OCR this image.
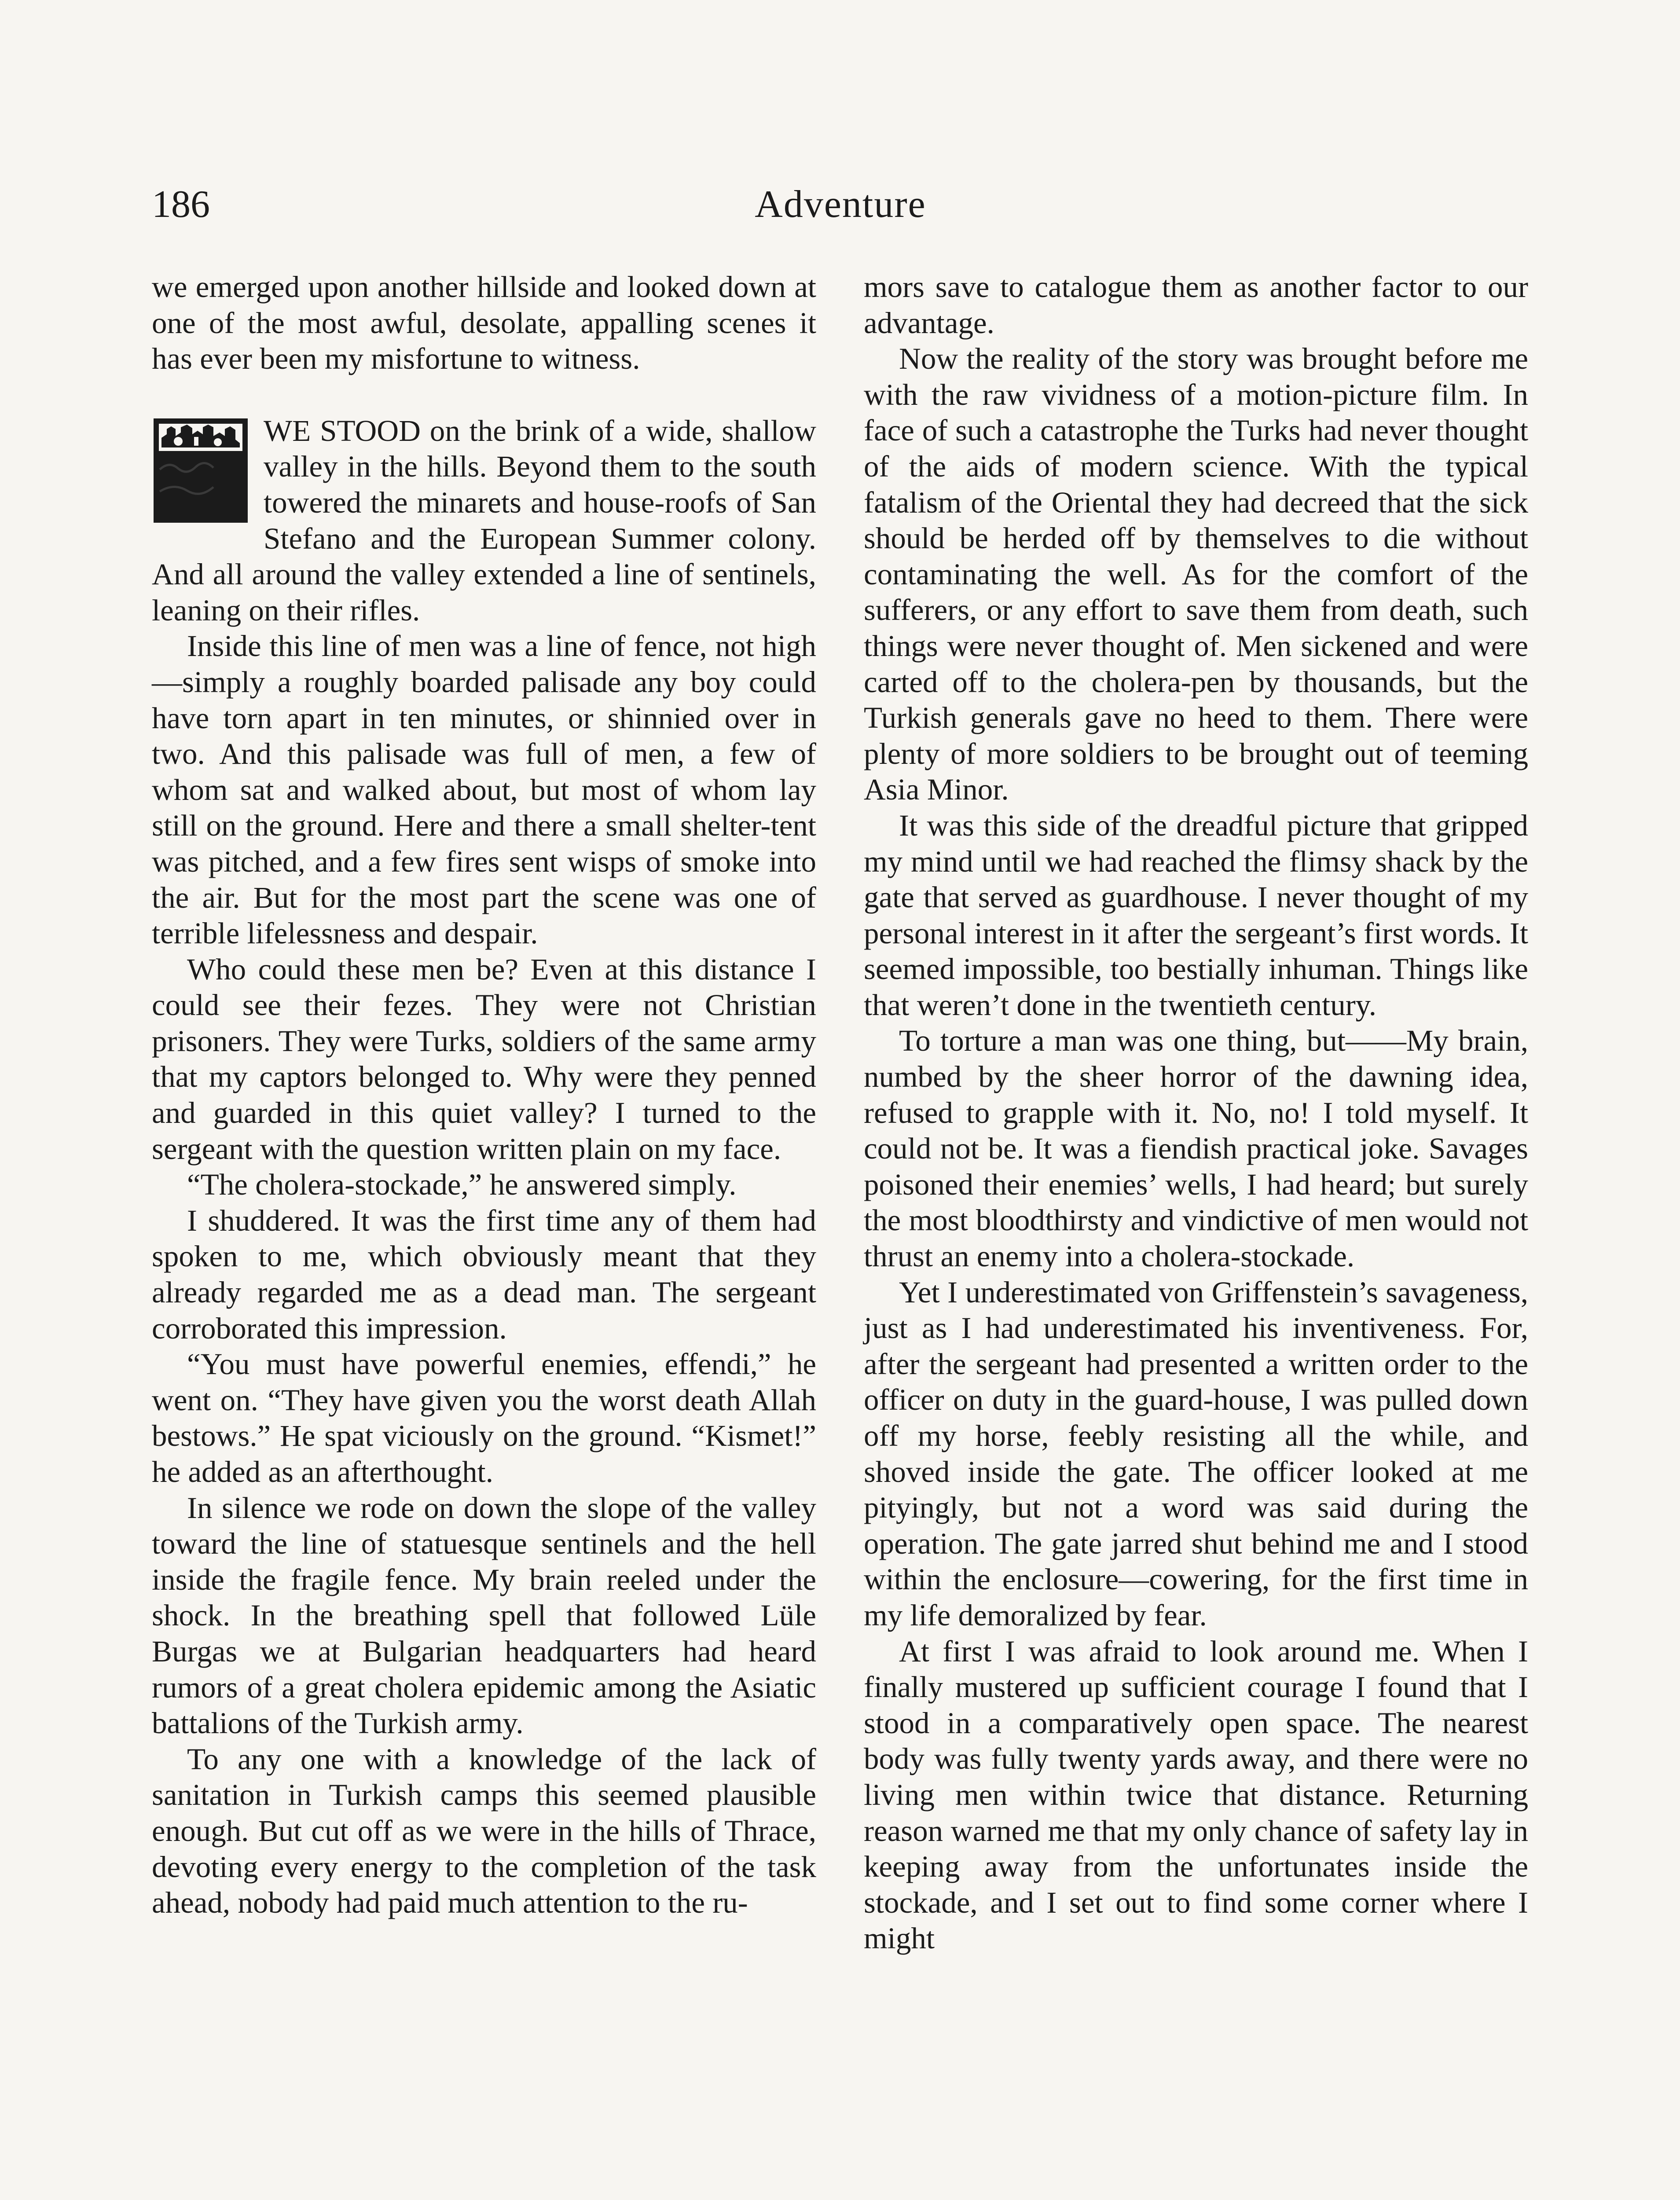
186	Adventure

we emerged upon another hillside and looked down at one of the most awful, desolate, appalling scenes it has ever been my misfortune to witness.

WE STOOD on the brink of a wide, shallow valley in the hills. Beyond them to the south towered the minarets and house-roofs of San Stefano and the European Summer colony. And all around the valley extended a line of sentinels, leaning on their rifles.

Inside this line of men was a line of fence, not high—simply a roughly boarded palisade any boy could have torn apart in ten minutes, or shinnied over in two. And this palisade was full of men, a few of whom sat and walked about, but most of whom lay still on the ground. Here and there a small shelter-tent was pitched, and a few fires sent wisps of smoke into the air. But for the most part the scene was one of terrible lifelessness and despair.

Who could these men be? Even at this distance I could see their fezes. They were not Christian prisoners. They were Turks, soldiers of the same army that my captors belonged to. Why were they penned and guarded in this quiet valley? I turned to the sergeant with the question written plain on my face.

“The cholera-stockade,” he answered simply.

I shuddered. It was the first time any of them had spoken to me, which obviously meant that they already regarded me as a dead man. The sergeant corroborated this impression.

“You must have powerful enemies, effendi,” he went on. “They have given you the worst death Allah bestows.” He spat viciously on the ground. “Kismet!” he added as an afterthought.

In silence we rode on down the slope of the valley toward the line of statuesque sentinels and the hell inside the fragile fence. My brain reeled under the shock. In the breathing spell that followed Lüle Burgas we at Bulgarian headquarters had heard rumors of a great cholera epidemic among the Asiatic battalions of the Turkish army.

To any one with a knowledge of the lack of sanitation in Turkish camps this seemed plausible enough. But cut off as we were in the hills of Thrace, devoting every energy to the completion of the task ahead, nobody had paid much attention to the ru-

mors save to catalogue them as another factor to our advantage.

Now the reality of the story was brought before me with the raw vividness of a motion-picture film. In face of such a catastrophe the Turks had never thought of the aids of modern science. With the typical fatalism of the Oriental they had decreed that the sick should be herded off by themselves to die without contaminating the well. As for the comfort of the sufferers, or any effort to save them from death, such things were never thought of. Men sickened and were carted off to the cholera-pen by thousands, but the Turkish generals gave no heed to them. There were plenty of more soldiers to be brought out of teeming Asia Minor.

It was this side of the dreadful picture that gripped my mind until we had reached the flimsy shack by the gate that served as guardhouse. I never thought of my personal interest in it after the sergeant’s first words. It seemed impossible, too bestially inhuman. Things like that weren’t done in the twentieth century.

To torture a man was one thing, but——My brain, numbed by the sheer horror of the dawning idea, refused to grapple with it. No, no! I told myself. It could not be. It was a fiendish practical joke. Savages poisoned their enemies’ wells, I had heard; but surely the most bloodthirsty and vindictive of men would not thrust an enemy into a cholera-stockade.

Yet I underestimated von Griffenstein’s savageness, just as I had underestimated his inventiveness. For, after the sergeant had presented a written order to the officer on duty in the guard-house, I was pulled down off my horse, feebly resisting all the while, and shoved inside the gate. The officer looked at me pityingly, but not a word was said during the operation. The gate jarred shut behind me and I stood within the enclosure—cowering, for the first time in my life demoralized by fear.

At first I was afraid to look around me. When I finally mustered up sufficient courage I found that I stood in a comparatively open space. The nearest body was fully twenty yards away, and there were no living men within twice that distance. Returning reason warned me that my only chance of safety lay in keeping away from the unfortunates inside the stockade, and I set out to find some corner where I might
